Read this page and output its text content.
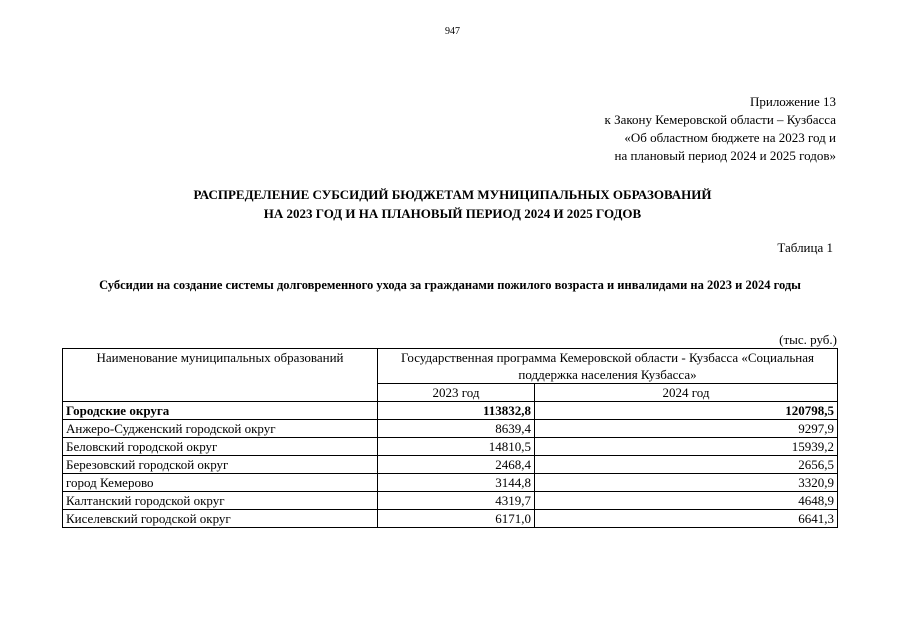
947
Приложение 13
к Закону Кемеровской области – Кузбасса
«Об областном бюджете на 2023 год и
на плановый период 2024 и 2025 годов»
РАСПРЕДЕЛЕНИЕ СУБСИДИЙ БЮДЖЕТАМ МУНИЦИПАЛЬНЫХ ОБРАЗОВАНИЙ
НА 2023 ГОД И НА ПЛАНОВЫЙ ПЕРИОД 2024 И 2025 ГОДОВ
Таблица 1
Субсидии на создание системы долговременного ухода за гражданами пожилого возраста и инвалидами на 2023 и 2024 годы
(тыс. руб.)
Наименование муниципальных образований	Государственная программа Кемеровской области - Кузбасса «Социальная поддержка населения Кузбасса»	
	2023 год	2024 год
Городские округа	113832,8	120798,5
Анжеро-Судженский городской округ	8639,4	9297,9
Беловский городской округ	14810,5	15939,2
Березовский городской округ	2468,4	2656,5
город Кемерово	3144,8	3320,9
Калтанский городской округ	4319,7	4648,9
Киселевский городской округ	6171,0	6641,3
